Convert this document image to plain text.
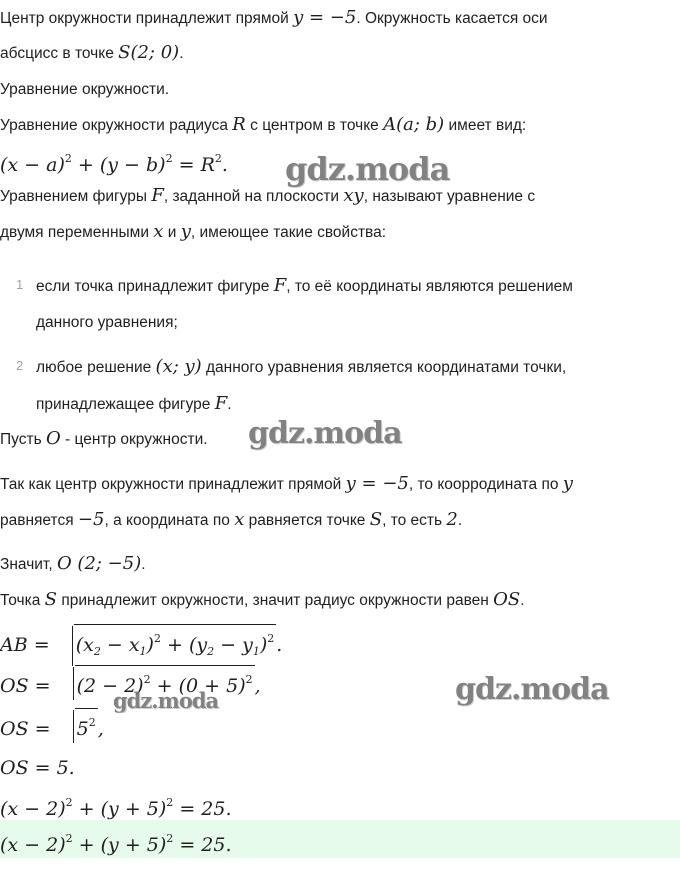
Центр окружности принадлежит прямой y = −5. Окружность касается оси
абсцисс в точке S(2; 0).
Уравнение окружности.
Уравнение окружности радиуса R с центром в точке A(a; b) имеет вид:
$(x - a)^2 + (y - b)^2 = R^2$.
Уравнением фигуры F, заданной на плоскости xy, называют уравнение с
двумя переменными x и y, имеющее такие свойства:
1 если точка принадлежит фигуре F, то её координаты являются решением
данного уравнения;
2 любое решение (x; y) данного уравнения является координатами точки,
принадлежащее фигуре F.
Пусть O - центр окружности.
Так как центр окружности принадлежит прямой y = −5, то коорродината по y
равняется −5, а координата по x равняется точке S, то есть 2.
Значит, O (2; −5).
Точка S принадлежит окружности, значит радиус окружности равен OS.
AB = $(x_2 - x_1)^2 + (y_2 - y_1)^2$ .
OS = $(2 - 2)^2 + (0 + 5)^2$ ,
OS = $5^2$ ,
OS = 5.
$(x - 2)^2 + (y + 5)^2 = 25$.
$(x - 2)^2 + (y + 5)^2 = 25$.
gdz.moda
gdz.moda
gdz.moda
gdz.moda
